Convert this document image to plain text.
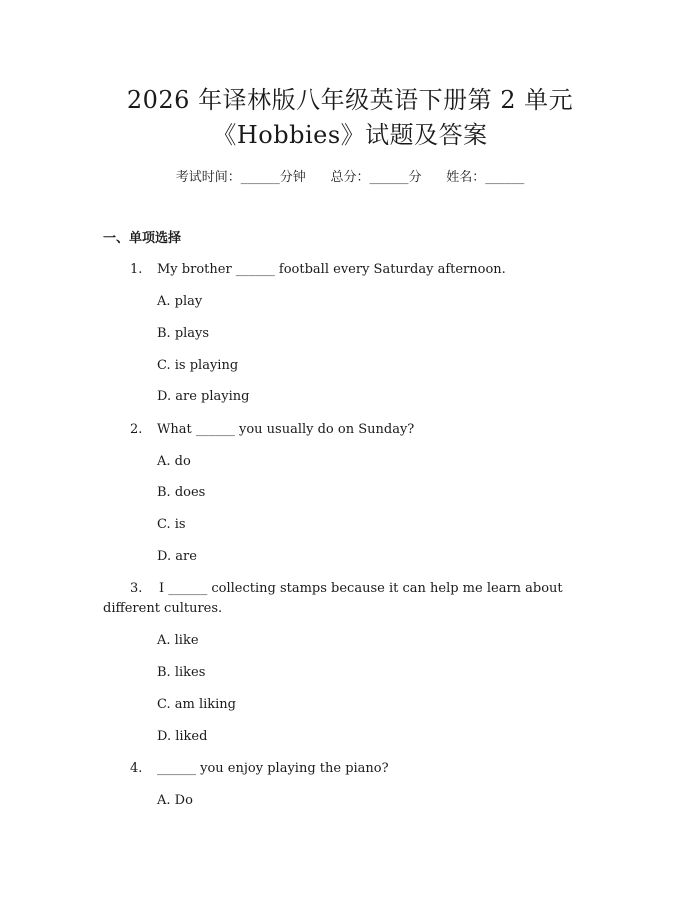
2026 年译林版八年级英语下册第 2 单元
《Hobbies》试题及答案
考试时间：______分钟      总分：______分      姓名：______
一、单项选择
1. My brother ______ football every Saturday afternoon.
A. play
B. plays
C. is playing
D. are playing
2. What ______ you usually do on Sunday?
A. do
B. does
C. is
D. are
3. I ______ collecting stamps because it can help me learn about different cultures.
A. like
B. likes
C. am liking
D. liked
4. ______ you enjoy playing the piano?
A. Do
